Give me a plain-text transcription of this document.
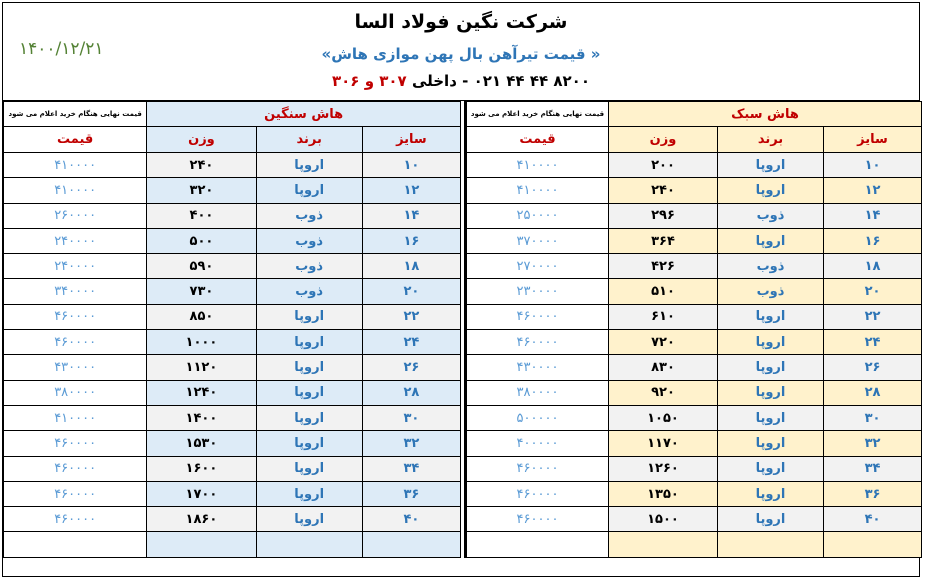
شرکت نگین فولاد السا
« قیمت تیرآهن بال پهن موازی هاش»
۸۲۰۰ ۴۴ ۴۴ ۰۲۱ - داخلی ۳۰۷ و ۳۰۶
۱۴۰۰/۱۲/۲۱
قیمت نهایی هنگام خرید اعلام می شود	هاش سنگین		
قیمت	وزن	برند	سایز
۴۱۰۰۰۰	۲۴۰	اروپا	۱۰
۴۱۰۰۰۰	۳۲۰	اروپا	۱۲
۲۶۰۰۰۰	۴۰۰	ذوب	۱۴
۲۴۰۰۰۰	۵۰۰	ذوب	۱۶
۲۴۰۰۰۰	۵۹۰	ذوب	۱۸
۳۴۰۰۰۰	۷۳۰	ذوب	۲۰
۴۶۰۰۰۰	۸۵۰	اروپا	۲۲
۴۶۰۰۰۰	۱۰۰۰	اروپا	۲۴
۴۳۰۰۰۰	۱۱۲۰	اروپا	۲۶
۳۸۰۰۰۰	۱۲۴۰	اروپا	۲۸
۴۱۰۰۰۰	۱۴۰۰	اروپا	۳۰
۴۶۰۰۰۰	۱۵۳۰	اروپا	۳۲
۴۶۰۰۰۰	۱۶۰۰	اروپا	۳۴
۴۶۰۰۰۰	۱۷۰۰	اروپا	۳۶
۴۶۰۰۰۰	۱۸۶۰	اروپا	۴۰

قیمت نهایی هنگام خرید اعلام می شود	هاش سبک		
قیمت	وزن	برند	سایز
۴۱۰۰۰۰	۲۰۰	اروپا	۱۰
۴۱۰۰۰۰	۲۴۰	اروپا	۱۲
۲۵۰۰۰۰	۲۹۶	ذوب	۱۴
۳۷۰۰۰۰	۳۶۴	اروپا	۱۶
۲۷۰۰۰۰	۴۲۶	ذوب	۱۸
۲۳۰۰۰۰	۵۱۰	ذوب	۲۰
۴۶۰۰۰۰	۶۱۰	اروپا	۲۲
۴۶۰۰۰۰	۷۲۰	اروپا	۲۴
۴۳۰۰۰۰	۸۳۰	اروپا	۲۶
۳۸۰۰۰۰	۹۲۰	اروپا	۲۸
۵۰۰۰۰۰	۱۰۵۰	اروپا	۳۰
۴۰۰۰۰۰	۱۱۷۰	اروپا	۳۲
۴۶۰۰۰۰	۱۲۶۰	اروپا	۳۴
۴۶۰۰۰۰	۱۳۵۰	اروپا	۳۶
۴۶۰۰۰۰	۱۵۰۰	اروپا	۴۰
